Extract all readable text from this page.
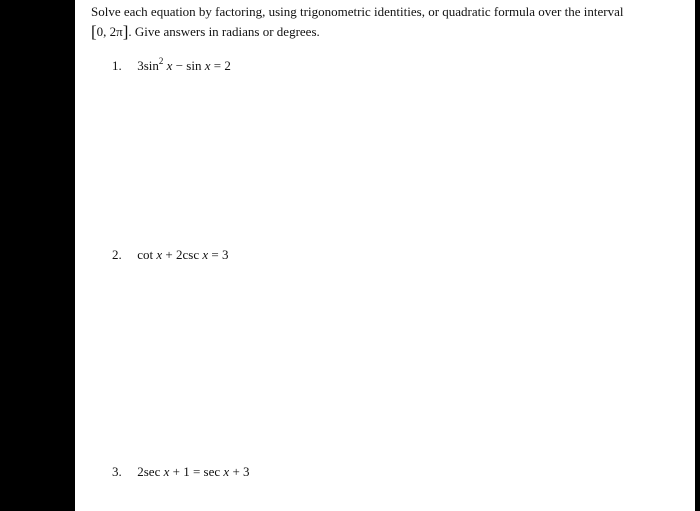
Solve each equation by factoring, using trigonometric identities, or quadratic formula over the interval [0, 2π]. Give answers in radians or degrees.
1. $3\sin^2$ x − sin x = 2
2. cot x + 2csc x = 3
3. 2sec x + 1 = sec x + 3
